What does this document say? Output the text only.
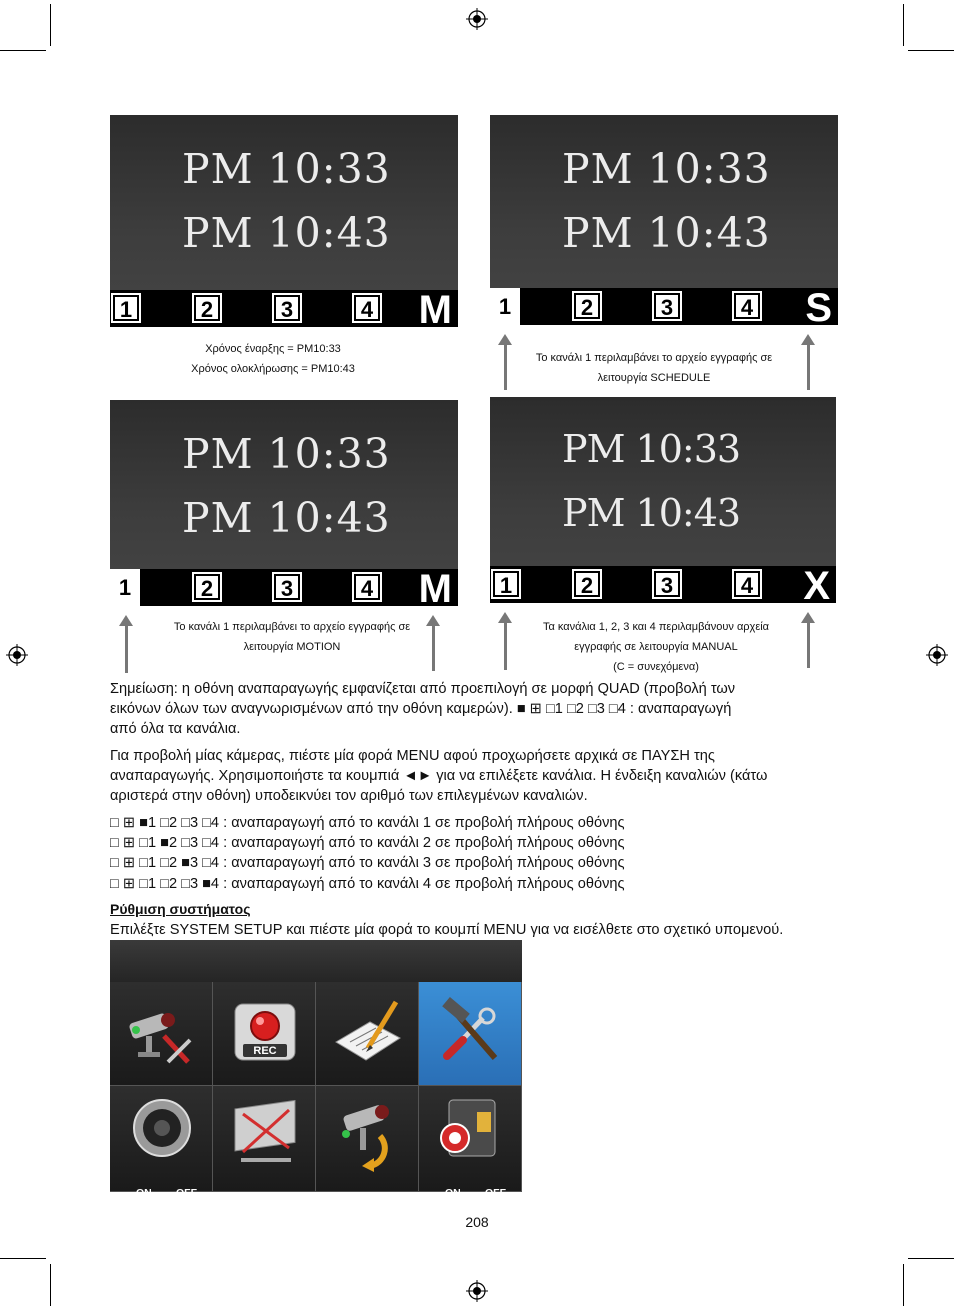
PM 10:33
PM 10:43
1	2	3	4 M
PM 10:33
PM 10:43
1	2	3	4 S
Χρόνος έναρξης = PM10:33
Χρόνος ολοκλήρωσης = PM10:43
Το κανάλι 1 περιλαμβάνει το αρχείο εγγραφής σε
λειτουργία SCHEDULE
PM 10:33
PM 10:43
1	2	3	4 M
PM 10:33
PM 10:43
1	2	3	4 X
Το κανάλι 1 περιλαμβάνει το αρχείο εγγραφής σε
λειτουργία MOTION
Τα κανάλια 1, 2, 3 και 4 περιλαμβάνουν αρχεία
εγγραφής σε λειτουργία MANUAL
(C = συνεχόμενα)
Σημείωση: η οθόνη αναπαραγωγής εμφανίζεται από προεπιλογή σε μορφή QUAD (προβολή των
εικόνων όλων των αναγνωρισμένων από την οθόνη καμερών). ■ ⊞ □1 □2 □3 □4 : αναπαραγωγή
από όλα τα κανάλια.
Για προβολή μίας κάμερας, πιέστε μία φορά MENU αφού προχωρήσετε αρχικά σε ΠΑΥΣΗ της
αναπαραγωγής. Χρησιμοποιήστε τα κουμπιά ◄► για να επιλέξετε κανάλια. Η ένδειξη καναλιών (κάτω
αριστερά στην οθόνη) υποδεικνύει τον αριθμό των επιλεγμένων καναλιών.
□ ⊞ ■1 □2 □3 □4 : αναπαραγωγή από το κανάλι 1 σε προβολή πλήρους οθόνης
□ ⊞ □1 ■2 □3 □4 : αναπαραγωγή από το κανάλι 2 σε προβολή πλήρους οθόνης
□ ⊞ □1 □2 ■3 □4 : αναπαραγωγή από το κανάλι 3 σε προβολή πλήρους οθόνης
□ ⊞ □1 □2 □3 ■4 : αναπαραγωγή από το κανάλι 4 σε προβολή πλήρους οθόνης
Ρύθμιση συστήματος
Επιλέξτε SYSTEM SETUP και πιέστε μία φορά το κουμπί MENU για να εισέλθετε στο σχετικό υπομενού.
REC
ON OFF	ON OFF
208
